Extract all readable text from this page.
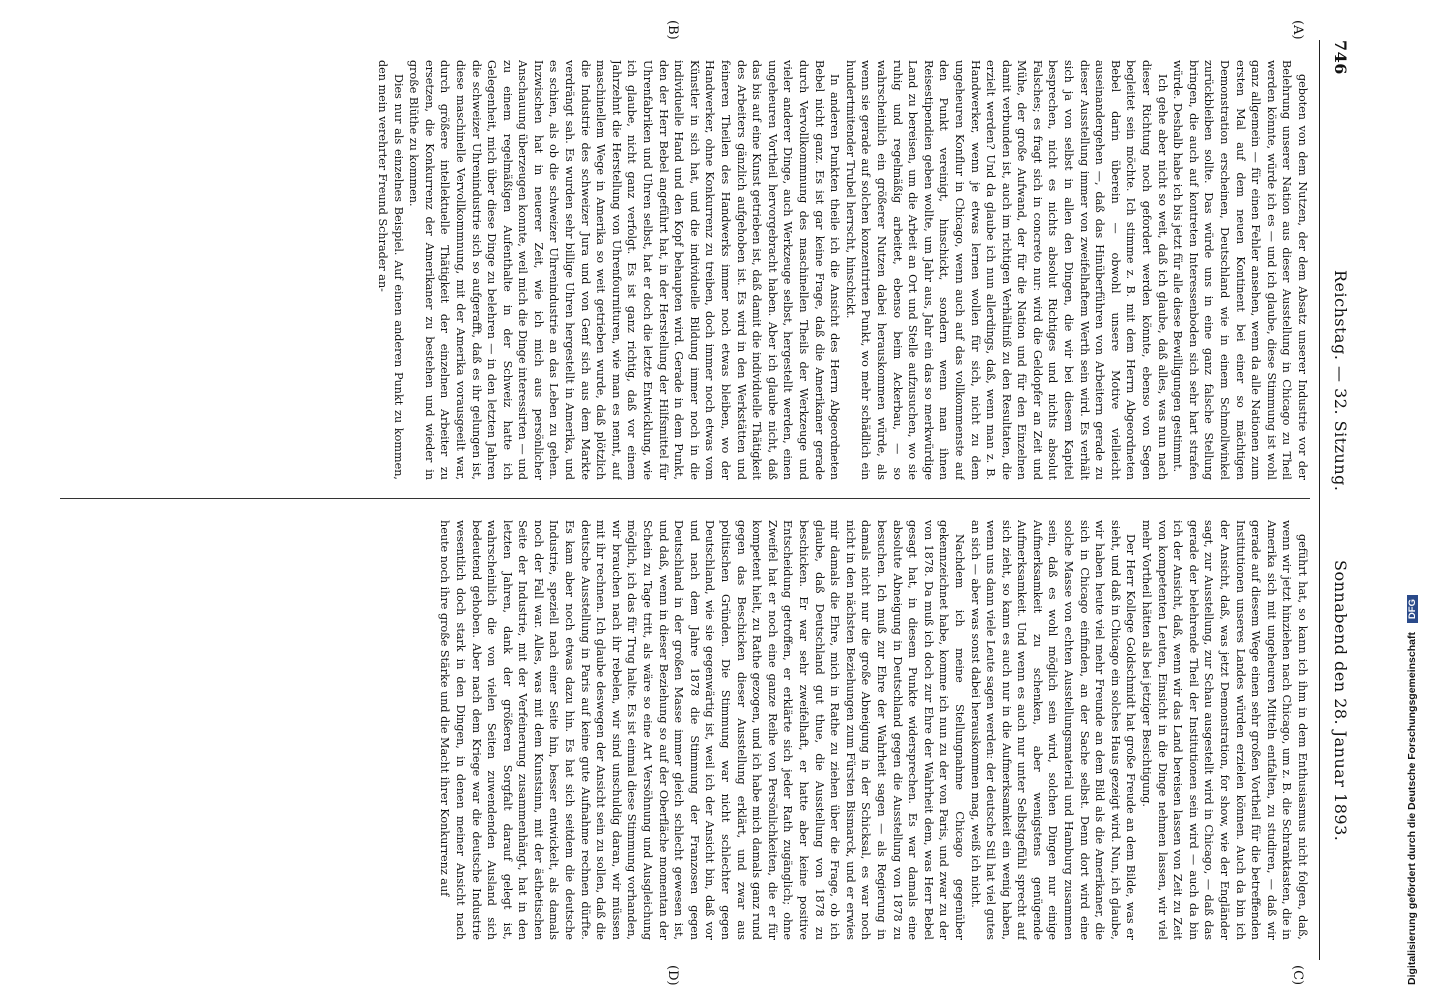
746
Reichstag. — 32. Sitzung.
Sonnabend den 28. Januar 1893.
(A)
(B)
(C)
(D)

geboten von dem Nutzen, der dem Absatz unserer Industrie vor der Belehrung unserer Nation aus dieser Ausstellung in Chicago zu Theil werden könnte, würde ich es — und ich glaube, diese Stimmung ist wohl ganz allgemein — für einen Fehler ansehen, wenn da alle Nationen zum ersten Mal auf dem neuen Kontinent bei einer so mächtigen Demonstration erscheinen, Deutschland wie in einem Schmollwinkel zurückbleiben sollte. Das würde uns in eine ganz falsche Stellung bringen, die auch auf kontreten Interessenboden sich sehr hart strafen würde. Deshalb habe ich bis jetzt für alle diese Bewilligungen gestimmt.

Ich gehe aber nicht so weit, daß ich glaube, daß alles, was nun nach dieser Richtung noch gefordert werden könnte, ebenso von Segen begleitet sein möchte. Ich stimme z. B. mit dem Herrn Abgeordneten Bebel darin überein — obwohl unsere Motive vielleicht auseinandergehen —, daß das Hinüberführen von Arbeitern gerade zu dieser Ausstellung immer von zweifelhaftem Werth sein wird. Es verhält sich ja von selbst in allen den Dingen, die wir bei diesem Kapitel besprechen, nicht es nichts absolut Richtiges und nichts absolut Falsches; es fragt sich in concreto nur: wird die Geldopfer an Zeit und Mühe, der große Aufwand, der für die Nation und für den Einzelnen damit verbunden ist, auch im richtigen Verhältniß zu den Resultaten, die erzielt werden? Und da glaube ich nun allerdings, daß, wenn man z. B. Handwerker, wenn je etwas lernen wollen für sich, nicht zu dem ungeheuren Konflur in Chicago, wenn auch auf das vollkommenste auf den Punkt vereinigt, hinschickt, sondern wenn man ihnen Reisestipendien geben wollte, um Jahr aus, Jahr ein das so merkwürdige Land zu bereisen, um die Arbeit an Ort und Stelle aufzusuchen, wo sie ruhig und regelmäßig arbeitet, ebenso beim Ackerbau, — so wahrscheinlich ein größerer Nutzen dabei herauskommen würde, als wenn sie gerade auf solchen konzentrirten Punkt, wo mehr schädlich ein hundertmitender Trubel herrscht, hinschickt.

In anderen Punkten theile ich die Ansicht des Herrn Abgeordneten Bebel nicht ganz. Es ist gar keine Frage, daß die Amerikaner gerade durch Vervollkommnung des maschinellen Theils der Werkzeuge und vieler anderer Dinge, auch Werkzeuge selbst, hergestellt werden, einen ungeheuren Vortheil hervorgebracht haben. Aber ich glaube nicht, daß das bis auf eine Kunst getrieben ist, daß damit die individuelle Thätigkeit des Arbeiters gänzlich aufgehoben ist. Es wird in den Werkstätten und feineren Theilen des Handwerks immer noch etwas bleiben, wo der Handwerker, ohne Konkurrenz zu treiben, doch immer noch etwas vom Künstler in sich hat, und die individuelle Bildung immer noch in die individuelle Hand und den Kopf behaupten wird. Gerade in dem Punkt, den der Herr Bebel angeführt hat, in der Herstellung der Hilfsmittel für Uhrenfabriken und Uhren selbst, hat er doch die letzte Entwicklung, wie ich glaube, nicht ganz verfolgt. Es ist ganz richtig, daß vor einem Jahrzehnt die Herstellung von Uhrenfournituren, wie man es nennt, auf maschinellem Wege in Amerika so weit getrieben wurde, daß plötzlich die Industrie des schweizer Jura und von Genf sich aus dem Markte verdrängt sah. Es wurden sehr billige Uhren hergestellt in Amerika, und es schien, als ob die schweizer Uhrenindustrie an das Leben zu gehen. Inzwischen hat in neuerer Zeit, wie ich mich aus persönlicher Anschauung überzeugen konnte, weil mich die Dinge interessirten — und zu einem regelmäßigen Aufenthalte in der Schweiz hatte ich Gelegenheit, mich über diese Dinge zu belehren — in den letzten Jahren die schweizer Uhrenindustrie sich so aufgerafft, daß es ihr gelungen ist, diese maschinelle Vervollkommnung, mit der Amerika vorausgeeilt war, durch größere intellektuelle Thätigkeit der einzelnen Arbeiter zu ersetzen, die Konkurrenz der Amerikaner zu bestehen und wieder in große Blüthe zu kommen.

Dies nur als einzelnes Beispiel. Auf einen anderen Punkt zu kommen, den mein verehrter Freund Schrader an-

geführt hat, so kann ich ihm in dem Enthusiasmus nicht folgen, daß, wenn wir jetzt hinziehen nach Chicago, um z. B. die Schranktasten, die in Amerika sich mit ungeheuren Mitteln entfalten, zu studiren, — daß wir gerade auf diesem Wege einen sehr großen Vortheil für die betreffenden Institutionen unseres Landes würden erzielen können. Auch da bin ich der Ansicht, daß, was jetzt Demonstration, for show, wie der Engländer sagt, zur Ausstellung, zur Schau ausgestellt wird in Chicago, — daß das gerade der belehrende Theil der Institutionen sein wird — auch da bin ich der Ansicht, daß, wenn wir das Land bereisen lassen von Zeit zu Zeit von kompetenten Leuten, Einsicht in die Dinge nehmen lassen, wir viel mehr Vortheil hätten als bei jetziger Besichtigung.

Der Herr Kollege Goldschmidt hat große Freude an dem Bilde, was er sieht, und daß in Chicago ein solches Haus gezeigt wird. Nun, ich glaube, wir haben heute viel mehr Freunde an dem Bild als die Amerikaner, die sich in Chicago einfinden, an der Sache selbst. Denn dort wird eine solche Masse von echten Ausstellungsmaterial und Hamburg zusammen sein, daß es wohl möglich sein wird, solchen Dingen nur einige Aufmerksamkeit zu schenken, aber wenigstens genügende Aufmerksamkeit. Und wenn es auch nur unter Selbstgefühl sprecht auf sich zieht, so kann es auch nur in die Aufmerksamkeit ein wenig haben, wenn uns dann viele Leute sagen werden: der deutsche Stil hat viel gutes an sich — aber was sonst dabei herauskommen mag, weiß ich nicht.

Nachdem ich meine Stellungnahme Chicago gegenüber gekennzeichnet habe, komme ich nun zu der von Paris, und zwar zu der von 1878. Da muß ich doch zur Ehre der Wahrheit dem, was Herr Bebel gesagt hat, in diesem Punkte widersprechen. Es war damals eine absolute Abneigung in Deutschland gegen die Ausstellung von 1878 zu besuchen. Ich muß zur Ehre der Wahrheit sagen — als Regierung in damals nicht nur die große Abneigung in der Schicksal, es war noch nicht in den nächsten Beziehungen zum Fürsten Bismarck, und er erwies mir damals die Ehre, mich in Rathe zu ziehen über die Frage, ob ich glaube, daß Deutschland gut thue, die Ausstellung von 1878 zu beschicken. Er war sehr zweifelhaft, er hatte aber keine positive Entscheidung getroffen, er erklärte sich jeder Rath zugänglich; ohne Zweifel hat er noch eine ganze Reihe von Persönlichkeiten, die er für kompetent hielt, zu Rathe gezogen, und ich habe mich damals ganz rund gegen das Beschicken dieser Ausstellung erklärt, und zwar aus politischen Gründen. Die Stimmung war nicht schlechter gegen Deutschland, wie sie gegenwärtig ist, weil ich der Ansicht bin, daß vor und nach dem Jahre 1878 die Stimmung der Franzosen gegen Deutschland in der großen Masse immer gleich schlecht gewesen ist, und daß, wenn in dieser Beziehung so auf der Oberfläche momentan der Schein zu Tage tritt, als wäre so eine Art Versöhnung und Ausgleichung möglich, ich das für Trug halte. Es ist einmal diese Stimmung vorhanden, wir brauchen nach ihr rebelen, wir sind unschuldig daran, wir müssen mit ihr rechnen. Ich glaube deswegen der Ansicht sein zu sollen, daß die deutsche Ausstellung in Paris auf keine gute Aufnahme rechnen dürfte. Es kam aber noch etwas dazu hin. Es hat sich seitdem die deutsche Industrie, speziell nach einer Seite hin, besser entwickelt, als damals noch der Fall war. Alles, was mit dem Kunstsinn, mit der ästhetischen Seite der Industrie, mit der Verfeinerung zusammenhängt, hat in den letzten Jahren, dank der größeren Sorgfalt darauf gelegt ist, wahrscheinlich die von vielen Seiten zuwendenden Ausland sich bedeutend gehoben. Aber nach dem Kriege war die deutsche Industrie wesentlich doch stark in den Dingen, in denen meiner Ansicht nach heute noch ihre große Stärke und die Macht ihrer Konkurrenz auf	Digitalisierung gefördert durch die Deutsche Forschungsgemeinschaft DFG
